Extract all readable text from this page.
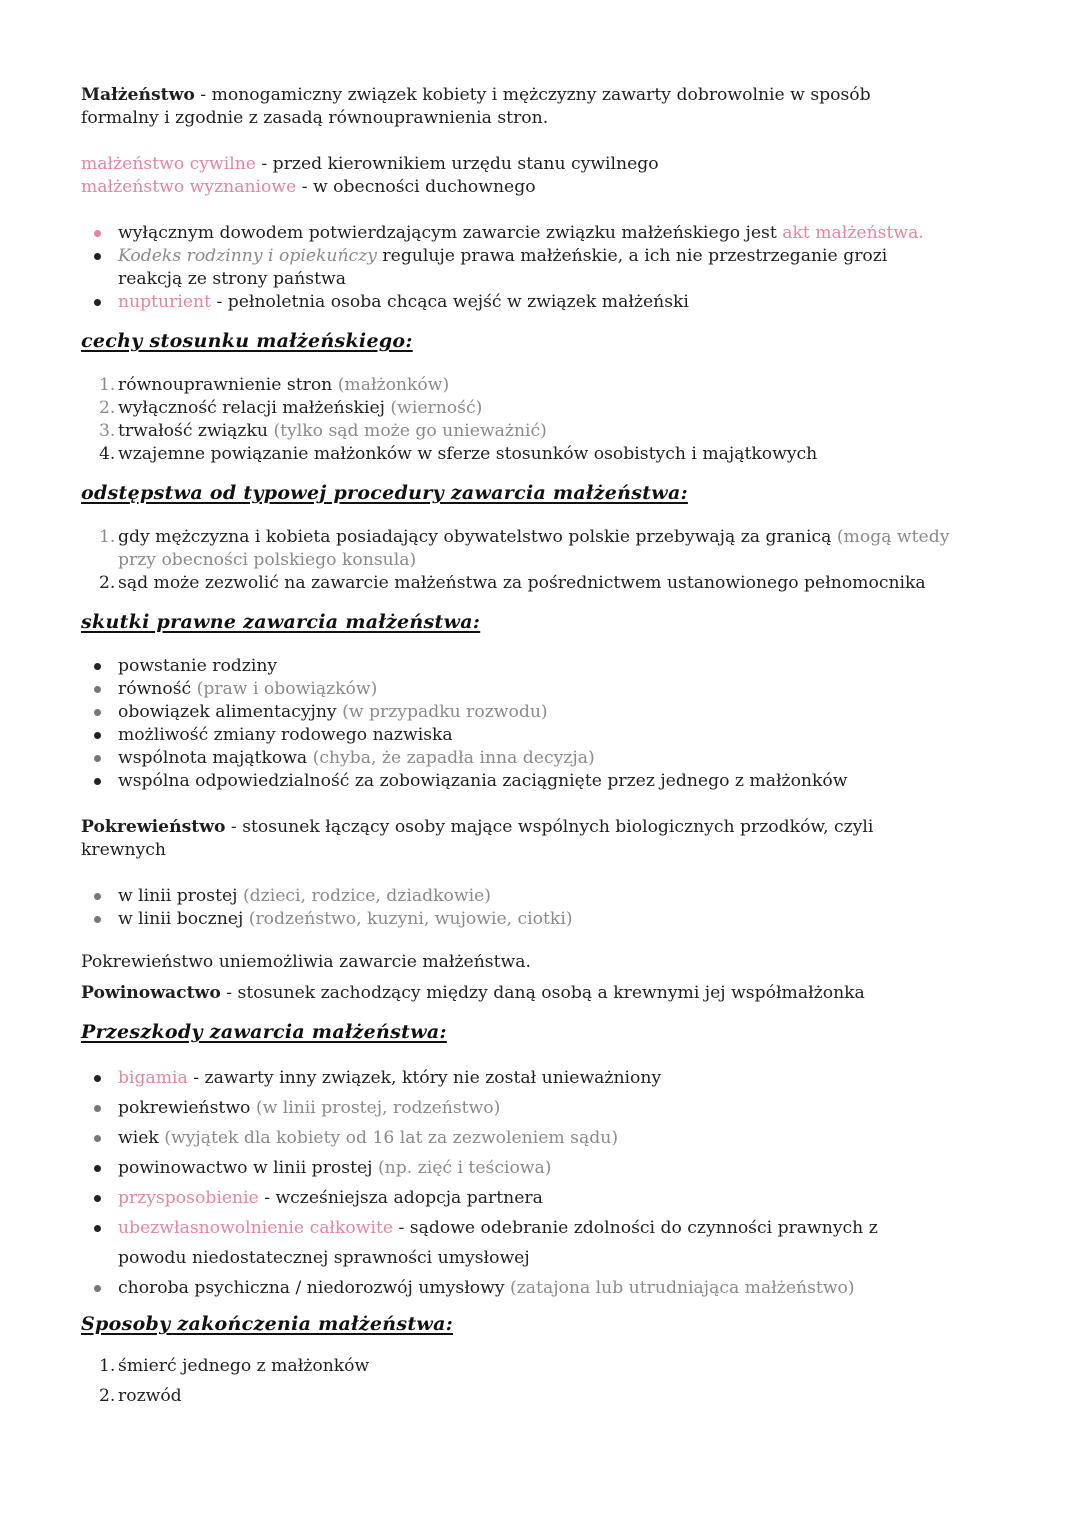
Małżeństwo - monogamiczny związek kobiety i mężczyzny zawarty dobrowolnie w sposób
formalny i zgodnie z zasadą równouprawnienia stron.

małżeństwo cywilne - przed kierownikiem urzędu stanu cywilnego
małżeństwo wyznaniowe - w obecności duchownego

wyłącznym dowodem potwierdzającym zawarcie związku małżeńskiego jest akt małżeństwa.
Kodeks rodzinny i opiekuńczy reguluje prawa małżeńskie, a ich nie przestrzeganie grozi
reakcją ze strony państwa
nupturient - pełnoletnia osoba chcąca wejść w związek małżeński

cechy stosunku małżeńskiego:

1. równouprawnienie stron (małżonków)
2. wyłączność relacji małżeńskiej (wierność)
3. trwałość związku (tylko sąd może go unieważnić)
4. wzajemne powiązanie małżonków w sferze stosunków osobistych i majątkowych

odstępstwa od typowej procedury zawarcia małżeństwa:

1. gdy mężczyzna i kobieta posiadający obywatelstwo polskie przebywają za granicą (mogą wtedy
przy obecności polskiego konsula)
2. sąd może zezwolić na zawarcie małżeństwa za pośrednictwem ustanowionego pełnomocnika

skutki prawne zawarcia małżeństwa:

powstanie rodziny
równość (praw i obowiązków)
obowiązek alimentacyjny (w przypadku rozwodu)
możliwość zmiany rodowego nazwiska
wspólnota majątkowa (chyba, że zapadła inna decyzja)
wspólna odpowiedzialność za zobowiązania zaciągnięte przez jednego z małżonków

Pokrewieństwo - stosunek łączący osoby mające wspólnych biologicznych przodków, czyli
krewnych

w linii prostej (dzieci, rodzice, dziadkowie)
w linii bocznej (rodzeństwo, kuzyni, wujowie, ciotki)

Pokrewieństwo uniemożliwia zawarcie małżeństwa.

Powinowactwo - stosunek zachodzący między daną osobą a krewnymi jej współmałżonka

Przeszkody zawarcia małżeństwa:

bigamia - zawarty inny związek, który nie został unieważniony
pokrewieństwo (w linii prostej, rodzeństwo)
wiek (wyjątek dla kobiety od 16 lat za zezwoleniem sądu)
powinowactwo w linii prostej (np. zięć i teściowa)
przysposobienie - wcześniejsza adopcja partnera
ubezwłasnowolnienie całkowite - sądowe odebranie zdolności do czynności prawnych z
powodu niedostatecznej sprawności umysłowej
choroba psychiczna / niedorozwój umysłowy (zatajona lub utrudniająca małżeństwo)

Sposoby zakończenia małżeństwa:

1. śmierć jednego z małżonków
2. rozwód
